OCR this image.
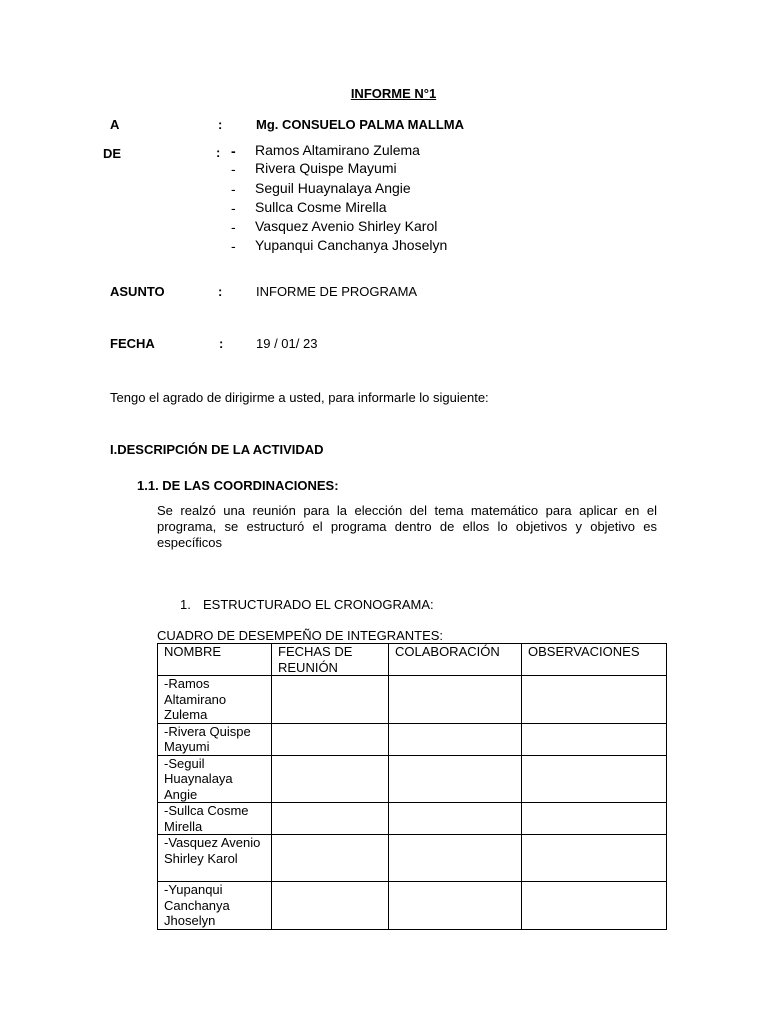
INFORME N°1
A	:	Mg. CONSUELO PALMA MALLMA
DE	: - Ramos Altamirano Zulema
- Rivera Quispe Mayumi
- Seguil Huaynalaya Angie
- Sullca Cosme Mirella
- Vasquez Avenio Shirley Karol
- Yupanqui Canchanya Jhoselyn
ASUNTO	:	INFORME DE PROGRAMA
FECHA	:	19 / 01/ 23
Tengo el agrado de dirigirme a usted, para informarle lo siguiente:
I.DESCRIPCIÓN DE LA ACTIVIDAD
1.1. DE LAS COORDINACIONES:
Se realzó una reunión para la elección del tema matemático para aplicar en el programa, se estructuró el programa dentro de ellos lo objetivos y objetivo es específicos
1. ESTRUCTURADO EL CRONOGRAMA:
CUADRO DE DESEMPEÑO DE INTEGRANTES:
NOMBRE	FECHAS DE REUNIÓN	COLABORACIÓN	OBSERVACIONES
-Ramos Altamirano Zulema			
-Rivera Quispe Mayumi			
-Seguil Huaynalaya Angie			
-Sullca Cosme Mirella			
-Vasquez Avenio Shirley Karol			
-Yupanqui Canchanya Jhoselyn			
